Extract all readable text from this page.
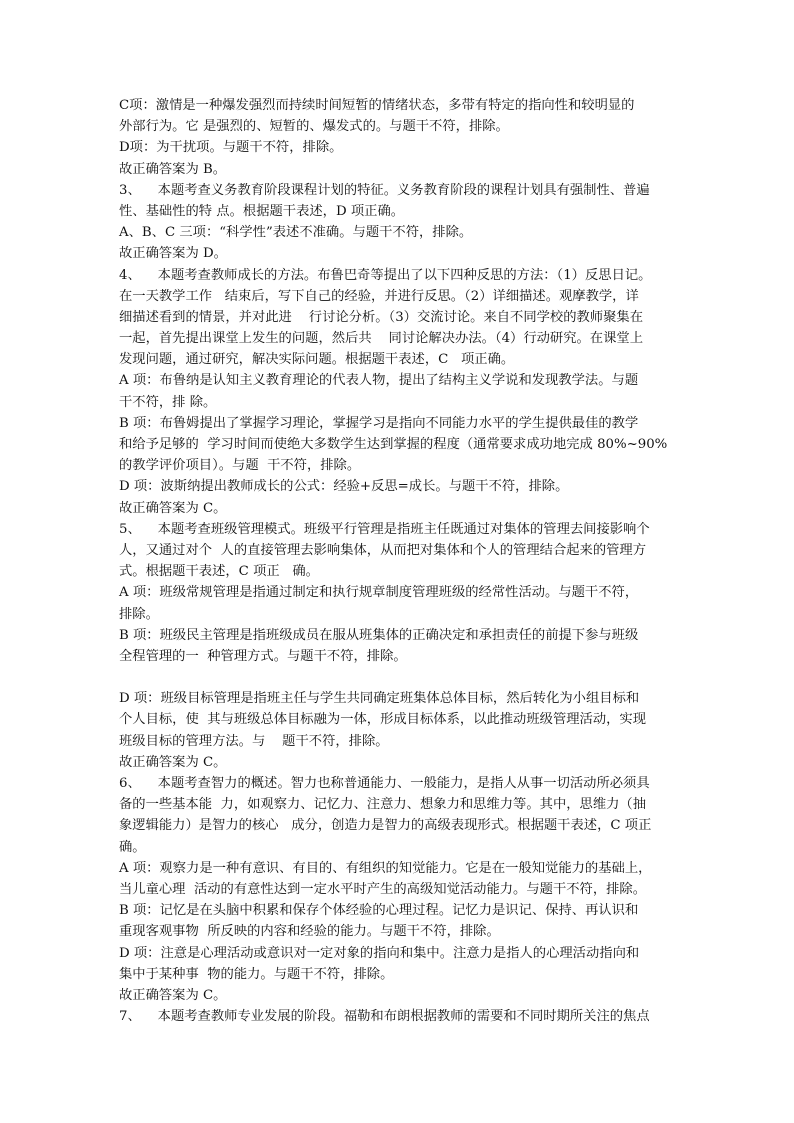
C项：激情是一种爆发强烈而持续时间短暂的情绪状态，多带有特定的指向性和较明显的
外部行为。它 是强烈的、短暂的、爆发式的。与题干不符，排除。
D项：为干扰项。与题干不符，排除。
故正确答案为 B。
3、    本题考查义务教育阶段课程计划的特征。义务教育阶段的课程计划具有强制性、普遍
性、基础性的特 点。根据题干表述，D 项正确。
A、B、C 三项：“科学性”表述不准确。与题干不符，排除。
故正确答案为 D。
4、    本题考查教师成长的方法。布鲁巴奇等提出了以下四种反思的方法：（1）反思日记。
在一天教学工作   结束后，写下自己的经验，并进行反思。（2）详细描述。观摩教学，详
细描述看到的情景，并对此进    行讨论分析。（3）交流讨论。来自不同学校的教师聚集在
一起，首先提出课堂上发生的问题，然后共    同讨论解决办法。（4）行动研究。在课堂上
发现问题，通过研究，解决实际问题。根据题干表述，C   项正确。
A 项：布鲁纳是认知主义教育理论的代表人物，提出了结构主义学说和发现教学法。与题
干不符，排 除。
B 项：布鲁姆提出了掌握学习理论，掌握学习是指向不同能力水平的学生提供最佳的教学
和给予足够的  学习时间而使绝大多数学生达到掌握的程度（通常要求成功地完成 80%~90%
的教学评价项目）。与题  干不符，排除。
D 项：波斯纳提出教师成长的公式：经验+反思=成长。与题干不符，排除。
故正确答案为 C。
5、    本题考查班级管理模式。班级平行管理是指班主任既通过对集体的管理去间接影响个
人，又通过对个  人的直接管理去影响集体，从而把对集体和个人的管理结合起来的管理方
式。根据题干表述，C 项正   确。
A 项：班级常规管理是指通过制定和执行规章制度管理班级的经常性活动。与题干不符，
排除。
B 项：班级民主管理是指班级成员在服从班集体的正确决定和承担责任的前提下参与班级
全程管理的一  种管理方式。与题干不符，排除。
D 项：班级目标管理是指班主任与学生共同确定班集体总体目标，然后转化为小组目标和
个人目标，使  其与班级总体目标融为一体，形成目标体系，以此推动班级管理活动，实现
班级目标的管理方法。与    题干不符，排除。
故正确答案为 C。
6、    本题考查智力的概述。智力也称普通能力、一般能力，是指人从事一切活动所必须具
备的一些基本能  力，如观察力、记忆力、注意力、想象力和思维力等。其中，思维力（抽
象逻辑能力）是智力的核心   成分，创造力是智力的高级表现形式。根据题干表述，C 项正
确。
A 项：观察力是一种有意识、有目的、有组织的知觉能力。它是在一般知觉能力的基础上，
当儿童心理  活动的有意性达到一定水平时产生的高级知觉活动能力。与题干不符，排除。
B 项：记忆是在头脑中积累和保存个体经验的心理过程。记忆力是识记、保持、再认识和
重现客观事物  所反映的内容和经验的能力。与题干不符，排除。
D 项：注意是心理活动或意识对一定对象的指向和集中。注意力是指人的心理活动指向和
集中于某种事  物的能力。与题干不符，排除。
故正确答案为 C。
7、    本题考查教师专业发展的阶段。福勒和布朗根据教师的需要和不同时期所关注的焦点
